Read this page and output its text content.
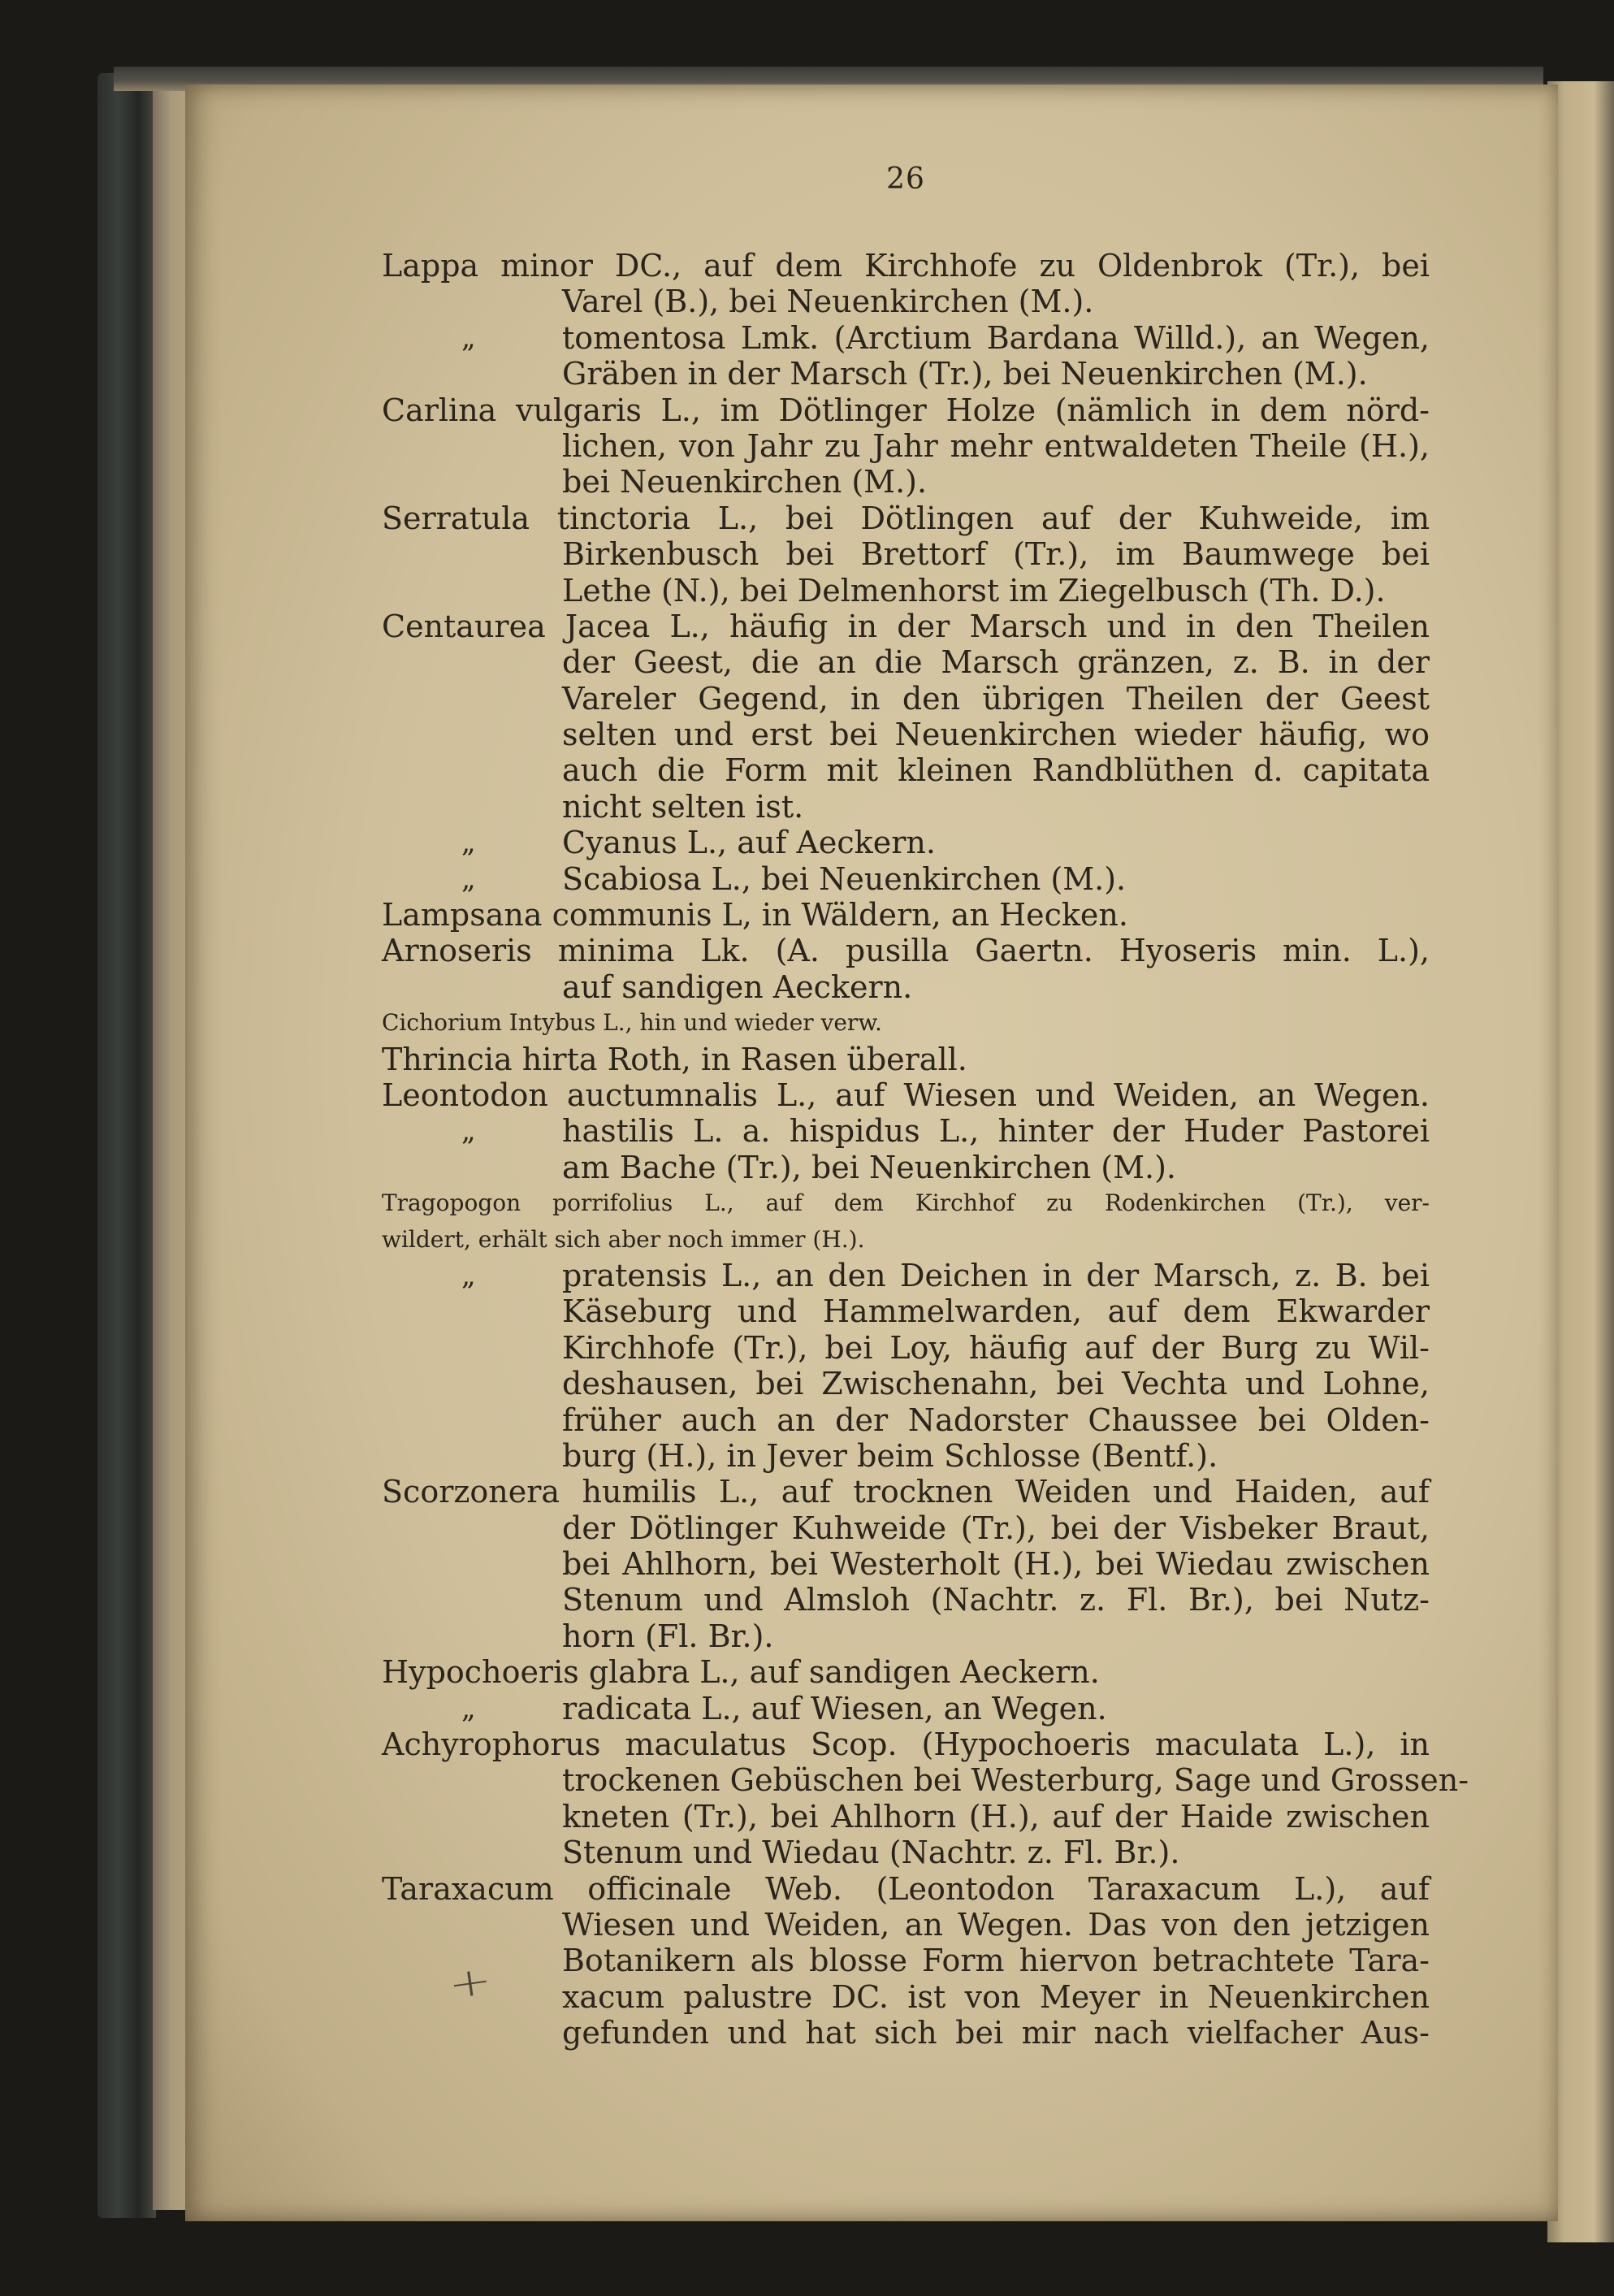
26
Lappa minor DC., auf dem Kirchhofe zu Oldenbrok (Tr.), bei
Varel (B.), bei Neuenkirchen (M.).
„	tomentosa Lmk. (Arctium Bardana Willd.), an Wegen,
Gräben in der Marsch (Tr.), bei Neuenkirchen (M.).
Carlina vulgaris L., im Dötlinger Holze (nämlich in dem nörd-
lichen, von Jahr zu Jahr mehr entwaldeten Theile (H.),
bei Neuenkirchen (M.).
Serratula tinctoria L., bei Dötlingen auf der Kuhweide, im
Birkenbusch bei Brettorf (Tr.), im Baumwege bei
Lethe (N.), bei Delmenhorst im Ziegelbusch (Th. D.).
Centaurea Jacea L., häufig in der Marsch und in den Theilen
der Geest, die an die Marsch gränzen, z. B. in der
Vareler Gegend, in den übrigen Theilen der Geest
selten und erst bei Neuenkirchen wieder häufig, wo
auch die Form mit kleinen Randblüthen d. capitata
nicht selten ist.
„	Cyanus L., auf Aeckern.
„	Scabiosa L., bei Neuenkirchen (M.).
Lampsana communis L, in Wäldern, an Hecken.
Arnoseris minima Lk. (A. pusilla Gaertn. Hyoseris min. L.),
auf sandigen Aeckern.
Cichorium Intybus L., hin und wieder verw.
Thrincia hirta Roth, in Rasen überall.
Leontodon auctumnalis L., auf Wiesen und Weiden, an Wegen.
„	hastilis L. a. hispidus L., hinter der Huder Pastorei
am Bache (Tr.), bei Neuenkirchen (M.).
Tragopogon porrifolius L., auf dem Kirchhof zu Rodenkirchen (Tr.), ver-
wildert, erhält sich aber noch immer (H.).
„	pratensis L., an den Deichen in der Marsch, z. B. bei
Käseburg und Hammelwarden, auf dem Ekwarder
Kirchhofe (Tr.), bei Loy, häufig auf der Burg zu Wil-
deshausen, bei Zwischenahn, bei Vechta und Lohne,
früher auch an der Nadorster Chaussee bei Olden-
burg (H.), in Jever beim Schlosse (Bentf.).
Scorzonera humilis L., auf trocknen Weiden und Haiden, auf
der Dötlinger Kuhweide (Tr.), bei der Visbeker Braut,
bei Ahlhorn, bei Westerholt (H.), bei Wiedau zwischen
Stenum und Almsloh (Nachtr. z. Fl. Br.), bei Nutz-
horn (Fl. Br.).
Hypochoeris glabra L., auf sandigen Aeckern.
„	radicata L., auf Wiesen, an Wegen.
Achyrophorus maculatus Scop. (Hypochoeris maculata L.), in
trockenen Gebüschen bei Westerburg, Sage und Grossen-
kneten (Tr.), bei Ahlhorn (H.), auf der Haide zwischen
Stenum und Wiedau (Nachtr. z. Fl. Br.).
Taraxacum officinale Web. (Leontodon Taraxacum L.), auf
Wiesen und Weiden, an Wegen. Das von den jetzigen
Botanikern als blosse Form hiervon betrachtete Tara-
xacum palustre DC. ist von Meyer in Neuenkirchen
gefunden und hat sich bei mir nach vielfacher Aus-
+
